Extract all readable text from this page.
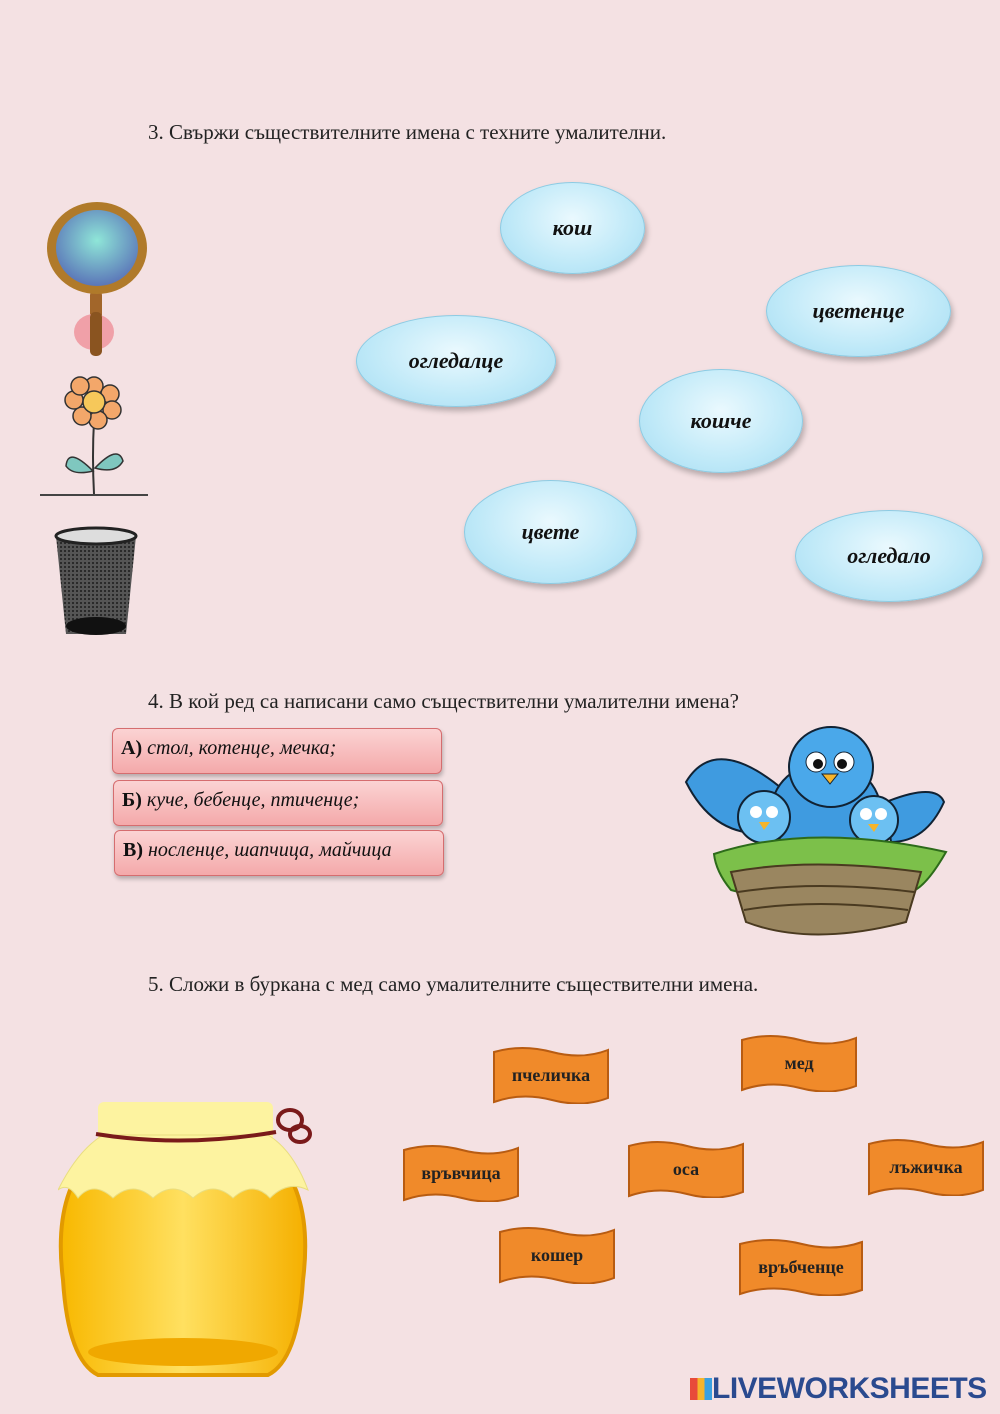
3. Свържи съществителните имена с техните умалителни.
кош
цветенце
огледалце
кошче
цвете
огледало
4. В кой ред са написани само съществителни умалителни имена?
А) стол, котенце, мечка;
Б) куче, бебенце, птиченце;
В) носленце, шапчица, майчица
5. Сложи в буркана с мед само умалителните съществителни имена.
пчеличка
мед
връвчица	оса	лъжичка
кошер
връбченце
LIVEWORKSHEETS
